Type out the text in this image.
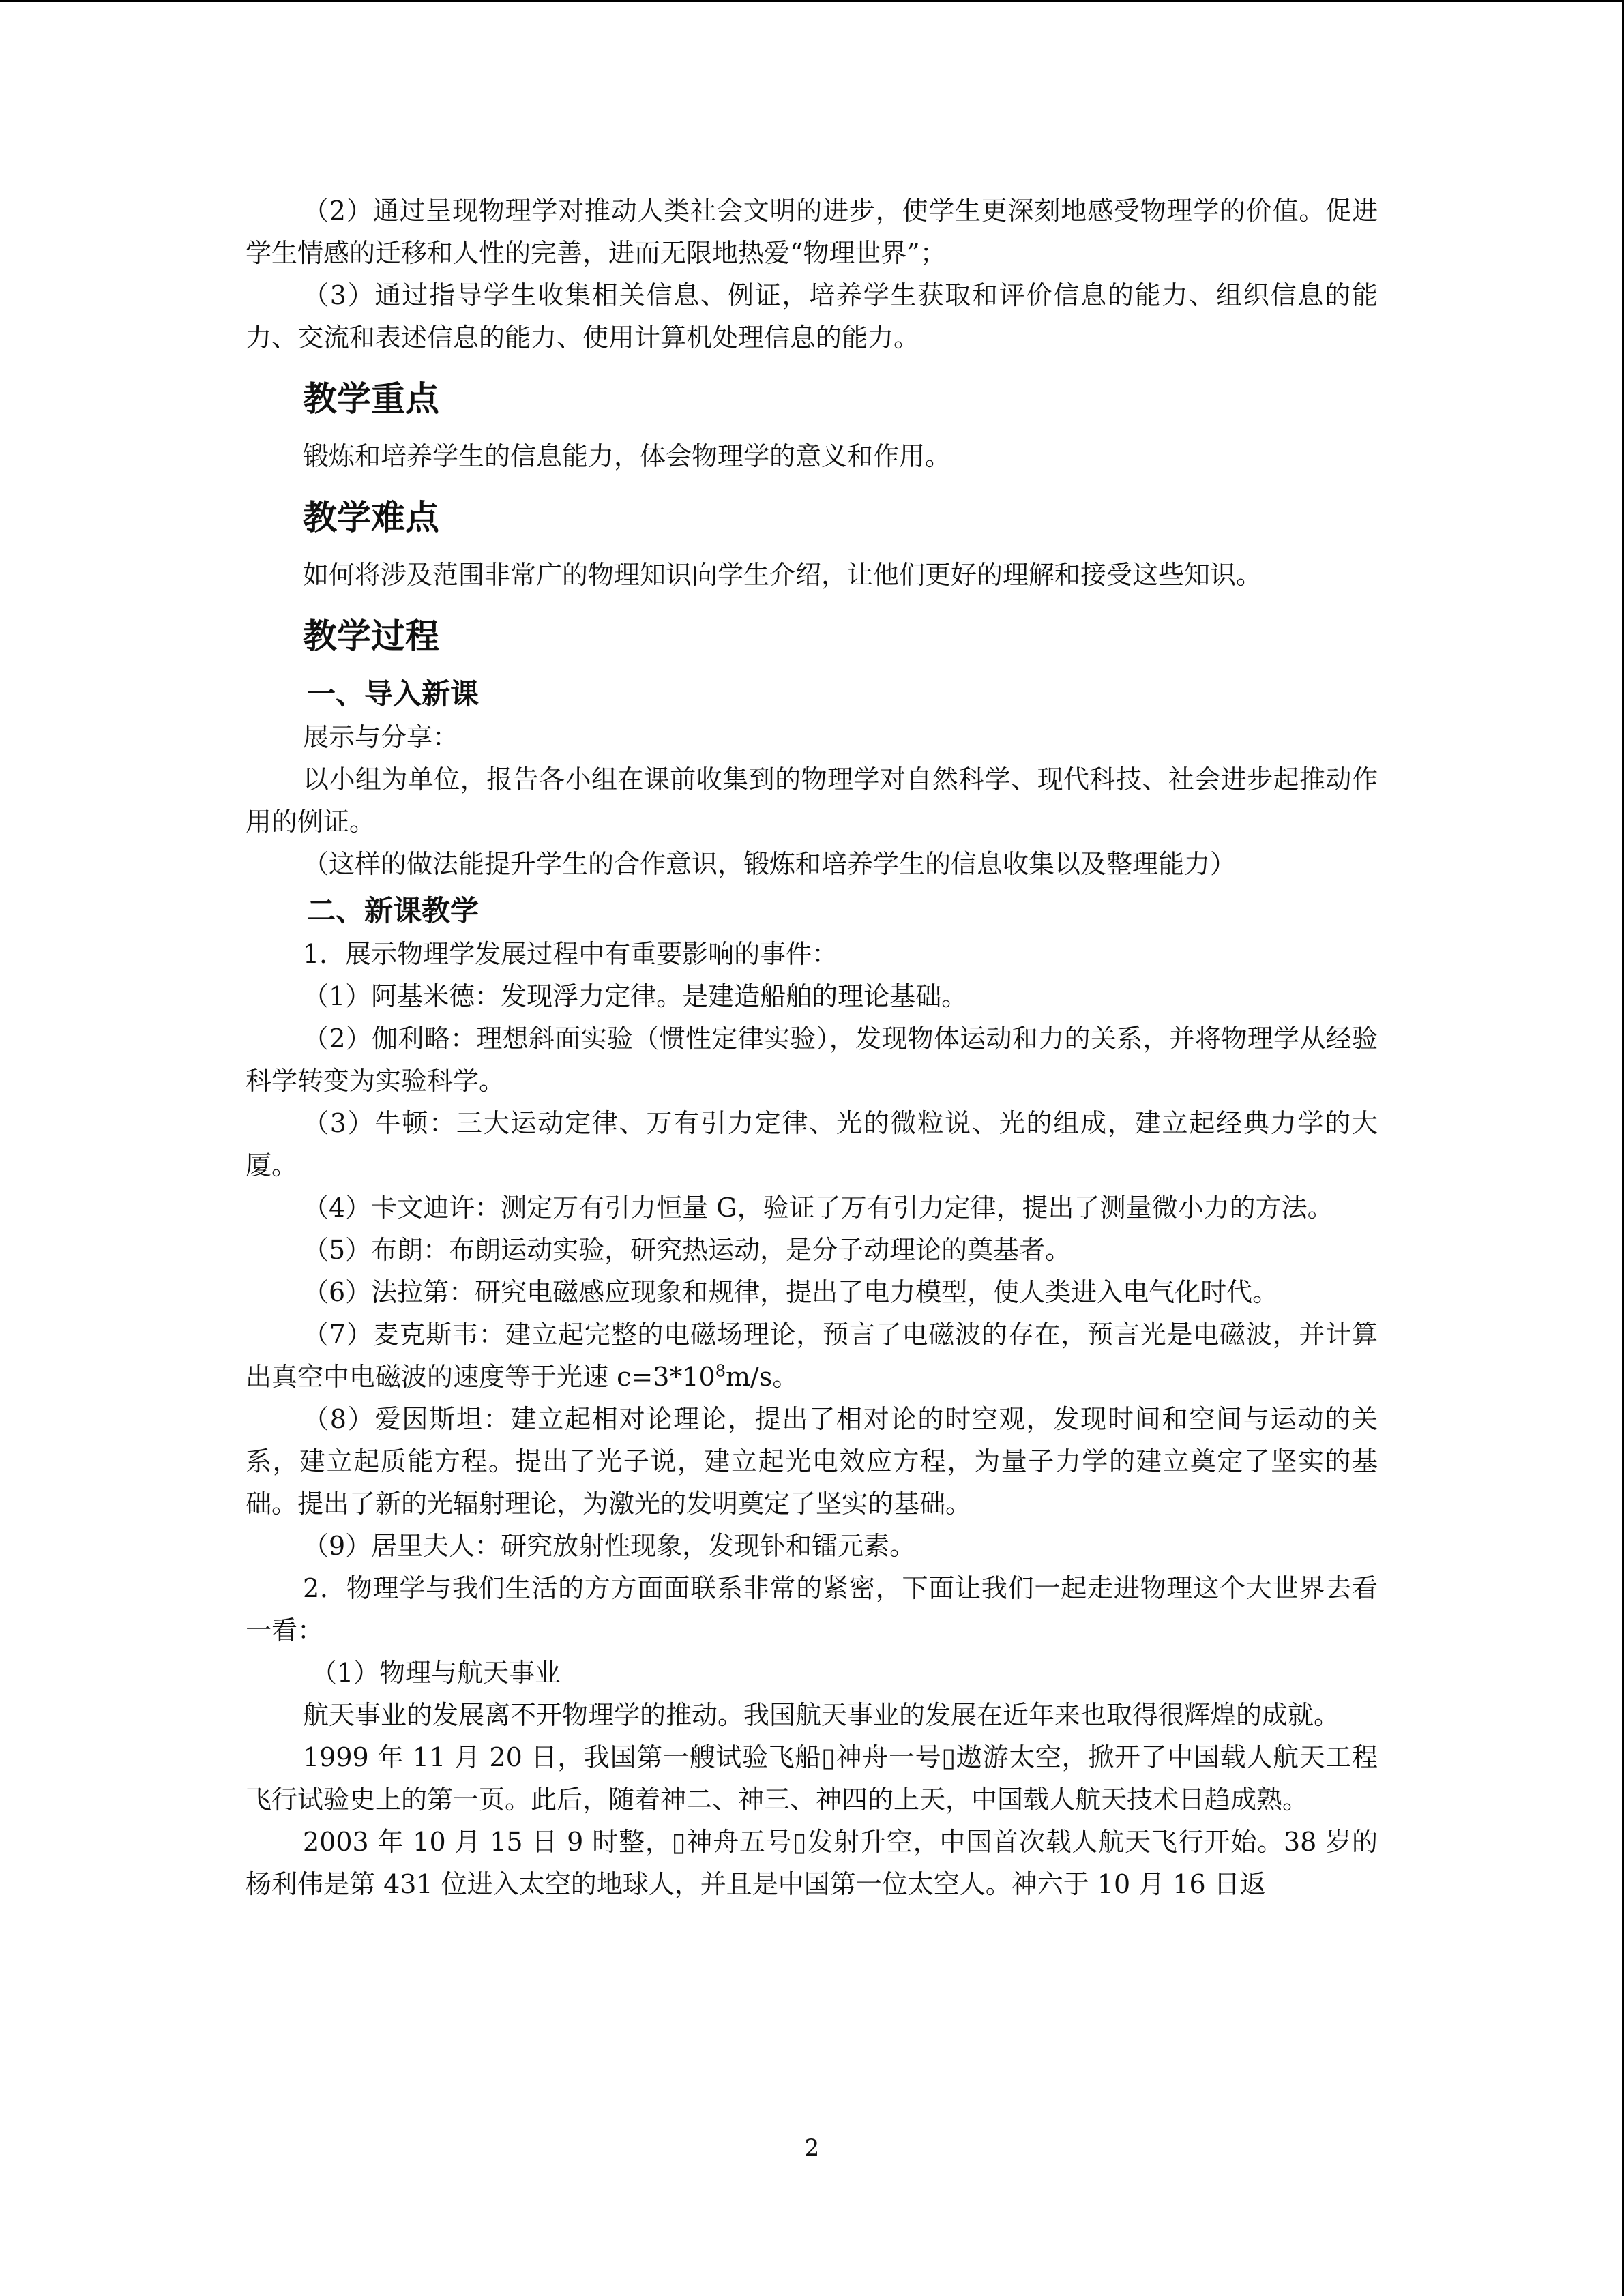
（2）通过呈现物理学对推动人类社会文明的进步，使学生更深刻地感受物理学的价值。促进学生情感的迁移和人性的完善，进而无限地热爱“物理世界”；

（3）通过指导学生收集相关信息、例证，培养学生获取和评价信息的能力、组织信息的能力、交流和表述信息的能力、使用计算机处理信息的能力。

教学重点

锻炼和培养学生的信息能力，体会物理学的意义和作用。

教学难点

如何将涉及范围非常广的物理知识向学生介绍，让他们更好的理解和接受这些知识。

教学过程
一、导入新课

展示与分享：

以小组为单位，报告各小组在课前收集到的物理学对自然科学、现代科技、社会进步起推动作用的例证。

（这样的做法能提升学生的合作意识，锻炼和培养学生的信息收集以及整理能力）

二、新课教学

1．展示物理学发展过程中有重要影响的事件：

（1）阿基米德：发现浮力定律。是建造船舶的理论基础。

（2）伽利略：理想斜面实验（惯性定律实验），发现物体运动和力的关系，并将物理学从经验科学转变为实验科学。

（3）牛顿：三大运动定律、万有引力定律、光的微粒说、光的组成，建立起经典力学的大厦。

（4）卡文迪许：测定万有引力恒量 G，验证了万有引力定律，提出了测量微小力的方法。

（5）布朗：布朗运动实验，研究热运动，是分子动理论的奠基者。

（6）法拉第：研究电磁感应现象和规律，提出了电力模型，使人类进入电气化时代。

（7）麦克斯韦：建立起完整的电磁场理论，预言了电磁波的存在，预言光是电磁波，并计算出真空中电磁波的速度等于光速 $c=3*10^8m/s$。

（8）爱因斯坦：建立起相对论理论，提出了相对论的时空观，发现时间和空间与运动的关系，建立起质能方程。提出了光子说，建立起光电效应方程，为量子力学的建立奠定了坚实的基础。提出了新的光辐射理论，为激光的发明奠定了坚实的基础。

（9）居里夫人：研究放射性现象，发现钋和镭元素。

2．物理学与我们生活的方方面面联系非常的紧密，下面让我们一起走进物理这个大世界去看一看：

（1）物理与航天事业

航天事业的发展离不开物理学的推动。我国航天事业的发展在近年来也取得很辉煌的成就。

1999 年 11 月 20 日，我国第一艘试验飞船▯神舟一号▯遨游太空，掀开了中国载人航天工程飞行试验史上的第一页。此后，随着神二、神三、神四的上天，中国载人航天技术日趋成熟。

2003 年 10 月 15 日 9 时整，▯神舟五号▯发射升空，中国首次载人航天飞行开始。38 岁的杨利伟是第 431 位进入太空的地球人，并且是中国第一位太空人。神六于 10 月 16 日返

2
